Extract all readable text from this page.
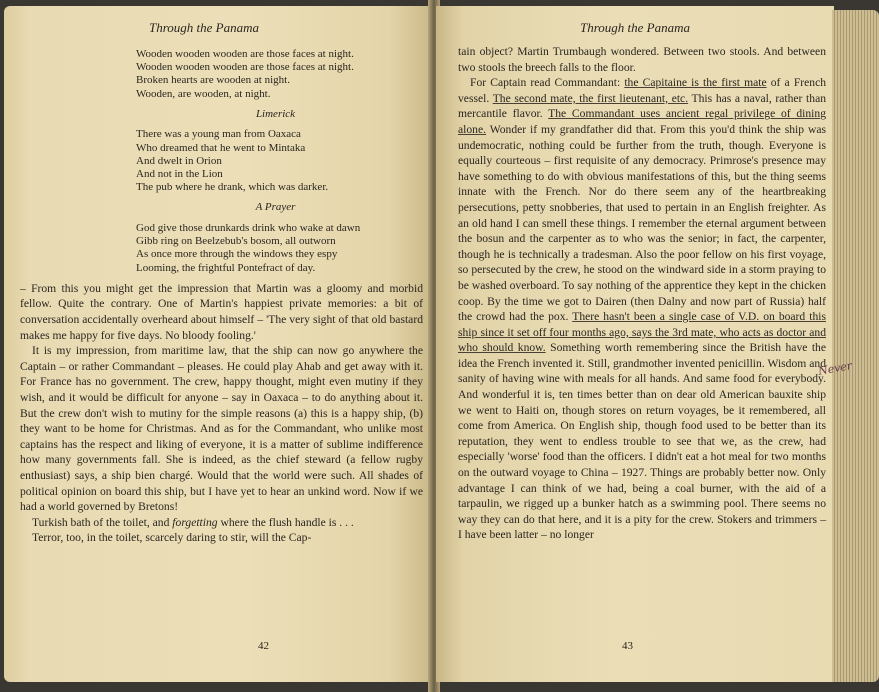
Through the Panama

Wooden wooden wooden are those faces at night.

Wooden wooden wooden are those faces at night.

Broken hearts are wooden at night.

Wooden, are wooden, at night.

Limerick

There was a young man from Oaxaca

Who dreamed that he went to Mintaka

And dwelt in Orion

And not in the Lion

The pub where he drank, which was darker.

A Prayer

God give those drunkards drink who wake at dawn

Gibb ring on Beelzebub's bosom, all outworn

As once more through the windows they espy

Looming, the frightful Pontefract of day.

– From this you might get the impression that Martin was a gloomy and morbid fellow. Quite the contrary. One of Martin's happiest private memories: a bit of conversation accidentally overheard about himself – 'The very sight of that old bastard makes me happy for five days. No bloody fooling.'

It is my impression, from maritime law, that the ship can now go anywhere the Captain – or rather Commandant – pleases. He could play Ahab and get away with it. For France has no government. The crew, happy thought, might even mutiny if they wish, and it would be difficult for anyone – say in Oaxaca – to do anything about it. But the crew don't wish to mutiny for the simple reasons (a) this is a happy ship, (b) they want to be home for Christmas. And as for the Commandant, who unlike most captains has the respect and liking of everyone, it is a matter of sublime indifference how many governments fall. She is indeed, as the chief steward (a fellow rugby enthusiast) says, a ship bien chargé. Would that the world were such. All shades of political opinion on board this ship, but I have yet to hear an unkind word. Now if we had a world governed by Bretons!

Turkish bath of the toilet, and forgetting where the flush handle is . . .

Terror, too, in the toilet, scarcely daring to stir, will the Cap-

42
Through the Panama

tain object? Martin Trumbaugh wondered. Between two stools. And between two stools the breech falls to the floor.

For Captain read Commandant: the Capitaine is the first mate of a French vessel. The second mate, the first lieutenant, etc. This has a naval, rather than mercantile flavor. The Commandant uses ancient regal privilege of dining alone. Wonder if my grandfather did that. From this you'd think the ship was undemocratic, nothing could be further from the truth, though. Everyone is equally courteous – first requisite of any democracy. Primrose's presence may have something to do with obvious manifestations of this, but the thing seems innate with the French. Nor do there seem any of the heartbreaking persecutions, petty snobberies, that used to pertain in an English freighter. As an old hand I can smell these things. I remember the eternal argument between the bosun and the carpenter as to who was the senior; in fact, the carpenter, though he is technically a tradesman. Also the poor fellow on his first voyage, so persecuted by the crew, he stood on the windward side in a storm praying to be washed overboard. To say nothing of the apprentice they kept in the chicken coop. By the time we got to Dairen (then Dalny and now part of Russia) half the crowd had the pox. There hasn't been a single case of V.D. on board this ship since it set off four months ago, says the 3rd mate, who acts as doctor and who should know. Something worth remembering since the British have the idea the French invented it. Still, grandmother invented penicillin. Wisdom and sanity of having wine with meals for all hands. And same food for everybody. And wonderful it is, ten times better than on dear old American bauxite ship we went to Haiti on, though stores on return voyages, be it remembered, all come from America. On English ship, though food used to be better than its reputation, they went to endless trouble to see that we, as the crew, had especially 'worse' food than the officers. I didn't eat a hot meal for two months on the outward voyage to China – 1927. Things are probably better now. Only advantage I can think of we had, being a coal burner, with the aid of a tarpaulin, we rigged up a bunker hatch as a swimming pool. There seems no way they can do that here, and it is a pity for the crew. Stokers and trimmers – I have been latter – no longer

43
Never
